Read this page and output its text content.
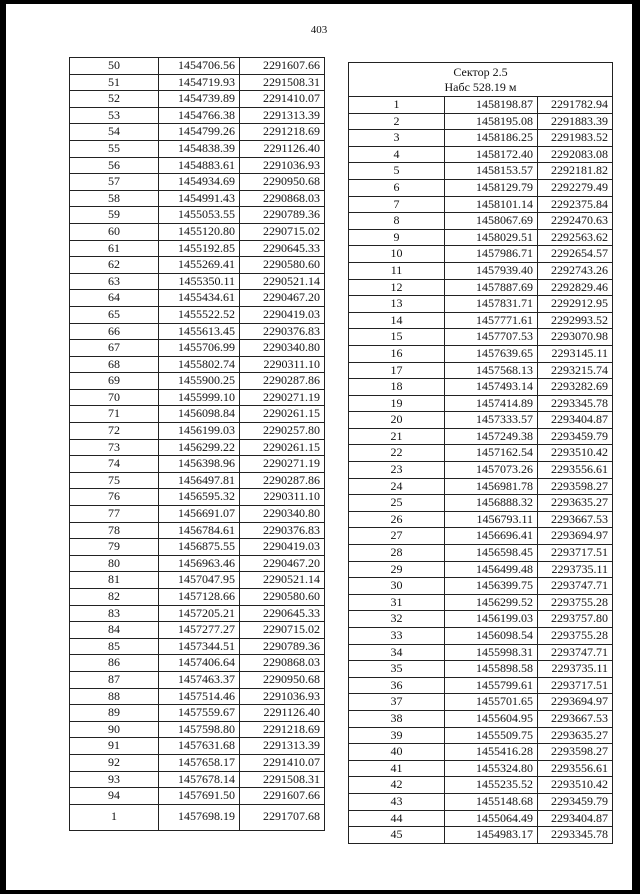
403
50	1454706.56	2291607.66
51	1454719.93	2291508.31
52	1454739.89	2291410.07
53	1454766.38	2291313.39
54	1454799.26	2291218.69
55	1454838.39	2291126.40
56	1454883.61	2291036.93
57	1454934.69	2290950.68
58	1454991.43	2290868.03
59	1455053.55	2290789.36
60	1455120.80	2290715.02
61	1455192.85	2290645.33
62	1455269.41	2290580.60
63	1455350.11	2290521.14
64	1455434.61	2290467.20
65	1455522.52	2290419.03
66	1455613.45	2290376.83
67	1455706.99	2290340.80
68	1455802.74	2290311.10
69	1455900.25	2290287.86
70	1455999.10	2290271.19
71	1456098.84	2290261.15
72	1456199.03	2290257.80
73	1456299.22	2290261.15
74	1456398.96	2290271.19
75	1456497.81	2290287.86
76	1456595.32	2290311.10
77	1456691.07	2290340.80
78	1456784.61	2290376.83
79	1456875.55	2290419.03
80	1456963.46	2290467.20
81	1457047.95	2290521.14
82	1457128.66	2290580.60
83	1457205.21	2290645.33
84	1457277.27	2290715.02
85	1457344.51	2290789.36
86	1457406.64	2290868.03
87	1457463.37	2290950.68
88	1457514.46	2291036.93
89	1457559.67	2291126.40
90	1457598.80	2291218.69
91	1457631.68	2291313.39
92	1457658.17	2291410.07
93	1457678.14	2291508.31
94	1457691.50	2291607.66
1	1457698.19	2291707.68
Сектор 2.5
Набс 528.19 м		

1	1458198.87	2291782.94
2	1458195.08	2291883.39
3	1458186.25	2291983.52
4	1458172.40	2292083.08
5	1458153.57	2292181.82
6	1458129.79	2292279.49
7	1458101.14	2292375.84
8	1458067.69	2292470.63
9	1458029.51	2292563.62
10	1457986.71	2292654.57
11	1457939.40	2292743.26
12	1457887.69	2292829.46
13	1457831.71	2292912.95
14	1457771.61	2292993.52
15	1457707.53	2293070.98
16	1457639.65	2293145.11
17	1457568.13	2293215.74
18	1457493.14	2293282.69
19	1457414.89	2293345.78
20	1457333.57	2293404.87
21	1457249.38	2293459.79
22	1457162.54	2293510.42
23	1457073.26	2293556.61
24	1456981.78	2293598.27
25	1456888.32	2293635.27
26	1456793.11	2293667.53
27	1456696.41	2293694.97
28	1456598.45	2293717.51
29	1456499.48	2293735.11
30	1456399.75	2293747.71
31	1456299.52	2293755.28
32	1456199.03	2293757.80
33	1456098.54	2293755.28
34	1455998.31	2293747.71
35	1455898.58	2293735.11
36	1455799.61	2293717.51
37	1455701.65	2293694.97
38	1455604.95	2293667.53
39	1455509.75	2293635.27
40	1455416.28	2293598.27
41	1455324.80	2293556.61
42	1455235.52	2293510.42
43	1455148.68	2293459.79
44	1455064.49	2293404.87
45	1454983.17	2293345.78
